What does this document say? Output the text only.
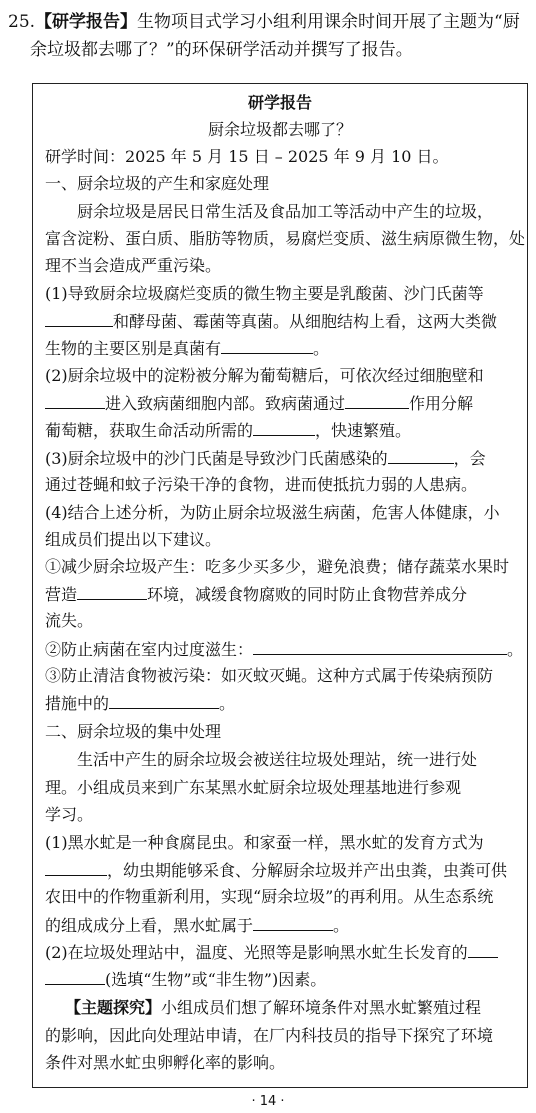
25.【研学报告】生物项目式学习小组利用课余时间开展了主题为“厨
余垃圾都去哪了？”的环保研学活动并撰写了报告。
研学报告
厨余垃圾都去哪了？
研学时间：2025 年 5 月 15 日 – 2025 年 9 月 10 日。
一、厨余垃圾的产生和家庭处理
厨余垃圾是居民日常生活及食品加工等活动中产生的垃圾，
富含淀粉、蛋白质、脂肪等物质，易腐烂变质、滋生病原微生物，处
理不当会造成严重污染。
(1)导致厨余垃圾腐烂变质的微生物主要是乳酸菌、沙门氏菌等
和酵母菌、霉菌等真菌。从细胞结构上看，这两大类微
生物的主要区别是真菌有	。
(2)厨余垃圾中的淀粉被分解为葡萄糖后，可依次经过细胞壁和
进入致病菌细胞内部。致病菌通过	作用分解
葡萄糖，获取生命活动所需的	，快速繁殖。
(3)厨余垃圾中的沙门氏菌是导致沙门氏菌感染的	，会
通过苍蝇和蚊子污染干净的食物，进而使抵抗力弱的人患病。
(4)结合上述分析，为防止厨余垃圾滋生病菌，危害人体健康，小
组成员们提出以下建议。
①减少厨余垃圾产生：吃多少买多少，避免浪费；储存蔬菜水果时
营造	环境，减缓食物腐败的同时防止食物营养成分
流失。
②防止病菌在室内过度滋生：	。
③防止清洁食物被污染：如灭蚊灭蝇。这种方式属于传染病预防
措施中的	。
二、厨余垃圾的集中处理
生活中产生的厨余垃圾会被送往垃圾处理站，统一进行处
理。小组成员来到广东某黑水虻厨余垃圾处理基地进行参观
学习。
(1)黑水虻是一种食腐昆虫。和家蚕一样，黑水虻的发育方式为
，幼虫期能够采食、分解厨余垃圾并产出虫粪，虫粪可供
农田中的作物重新利用，实现“厨余垃圾”的再利用。从生态系统
的组成成分上看，黑水虻属于	。
(2)在垃圾处理站中，温度、光照等是影响黑水虻生长发育的
(选填“生物”或“非生物”)因素。
【主题探究】小组成员们想了解环境条件对黑水虻繁殖过程
的影响，因此向处理站申请，在厂内科技员的指导下探究了环境
条件对黑水虻虫卵孵化率的影响。
· 14 ·
